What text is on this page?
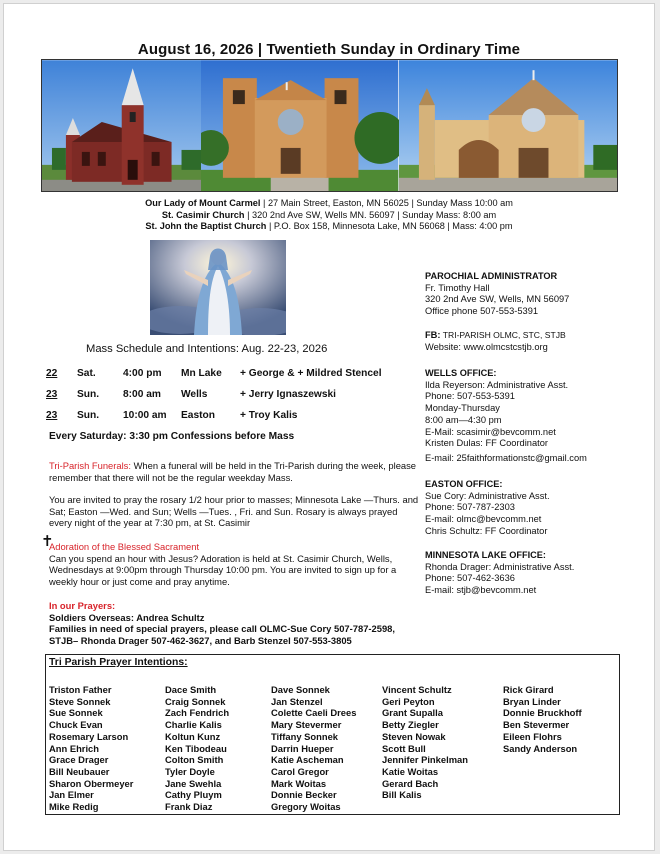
August 16, 2026 | Twentieth Sunday in Ordinary Time
Our Lady of Mount Carmel | 27 Main Street, Easton, MN 56025 | Sunday Mass 10:00 am
St. Casimir Church | 320 2nd Ave SW, Wells MN. 56097 | Sunday Mass: 8:00 am
St. John the Baptist Church | P.O. Box 158, Minnesota Lake, MN 56068 | Mass: 4:00 pm
Mass Schedule and Intentions: Aug. 22-23, 2026
22 Sat.	4:00 pm Mn Lake + George & + Mildred Stencel
23 Sun. 8:00 am Wells	+ Jerry Ignaszewski
23 Sun. 10:00 am Easton + Troy Kalis
Every Saturday: 3:30 pm Confessions before Mass
Tri-Parish Funerals: When a funeral will be held in the Tri-Parish during the week, please remember that there will not be the regular weekday Mass.
You are invited to pray the rosary 1/2 hour prior to masses; Minnesota Lake —Thurs. and Sat; Easton —Wed. and Sun; Wells —Tues. , Fri. and Sun. Rosary is always prayed every night of the year at 7:30 pm, at St. Casimir
✝
Adoration of the Blessed Sacrament
Can you spend an hour with Jesus? Adoration is held at St. Casimir Church, Wells, Wednesdays at 9:00pm through Thursday 10:00 pm. You are invited to sign up for a weekly hour or just come and pray anytime.
In our Prayers:
Soldiers Overseas: Andrea Schultz
Families in need of special prayers, please call OLMC-Sue Cory 507-787-2598, STJB– Rhonda Drager 507-462-3627, and Barb Stenzel 507-553-3805
PAROCHIAL ADMINISTRATOR
Fr. Timothy Hall
320 2nd Ave SW, Wells, MN 56097
Office phone 507-553-5391
FB: TRI-PARISH OLMC, STC, STJB
Website: www.olmcstcstjb.org
WELLS OFFICE:
Ilda Reyerson: Administrative Asst.
Phone: 507-553-5391
Monday-Thursday
8:00 am—4:30 pm
E-Mail: scasimir@bevcomm.net
Kristen Dulas: FF Coordinator
E-mail: 25faithformationstc@gmail.com
EASTON OFFICE:
Sue Cory: Administrative Asst.
Phone: 507-787-2303
E-mail: olmc@bevcomm.net
Chris Schultz: FF Coordinator
MINNESOTA LAKE OFFICE:
Rhonda Drager: Administrative Asst.
Phone: 507-462-3636
E-mail: stjb@bevcomm.net
Tri Parish Prayer Intentions:
Triston Father
Steve Sonnek
Sue Sonnek
Chuck Evan
Rosemary Larson
Ann Ehrich
Grace Drager
Bill Neubauer
Sharon Obermeyer
Jan Elmer
Mike Redig
Dace Smith
Craig Sonnek
Zach Fendrich
Charlie Kalis
Koltun Kunz
Ken Tibodeau
Colton Smith
Tyler Doyle
Jane Swehla
Cathy Pluym
Frank Diaz
Dave Sonnek
Jan Stenzel
Colette Caeli Drees
Mary Stevermer
Tiffany Sonnek
Darrin Hueper
Katie Ascheman
Carol Gregor
Mark Woitas
Donnie Becker
Gregory Woitas
Vincent Schultz
Geri Peyton
Grant Supalla
Betty Ziegler
Steven Nowak
Scott Bull
Jennifer Pinkelman
Katie Woitas
Gerard Bach
Bill Kalis
Rick Girard
Bryan Linder
Donnie Bruckhoff
Ben Stevermer
Eileen Flohrs
Sandy Anderson
